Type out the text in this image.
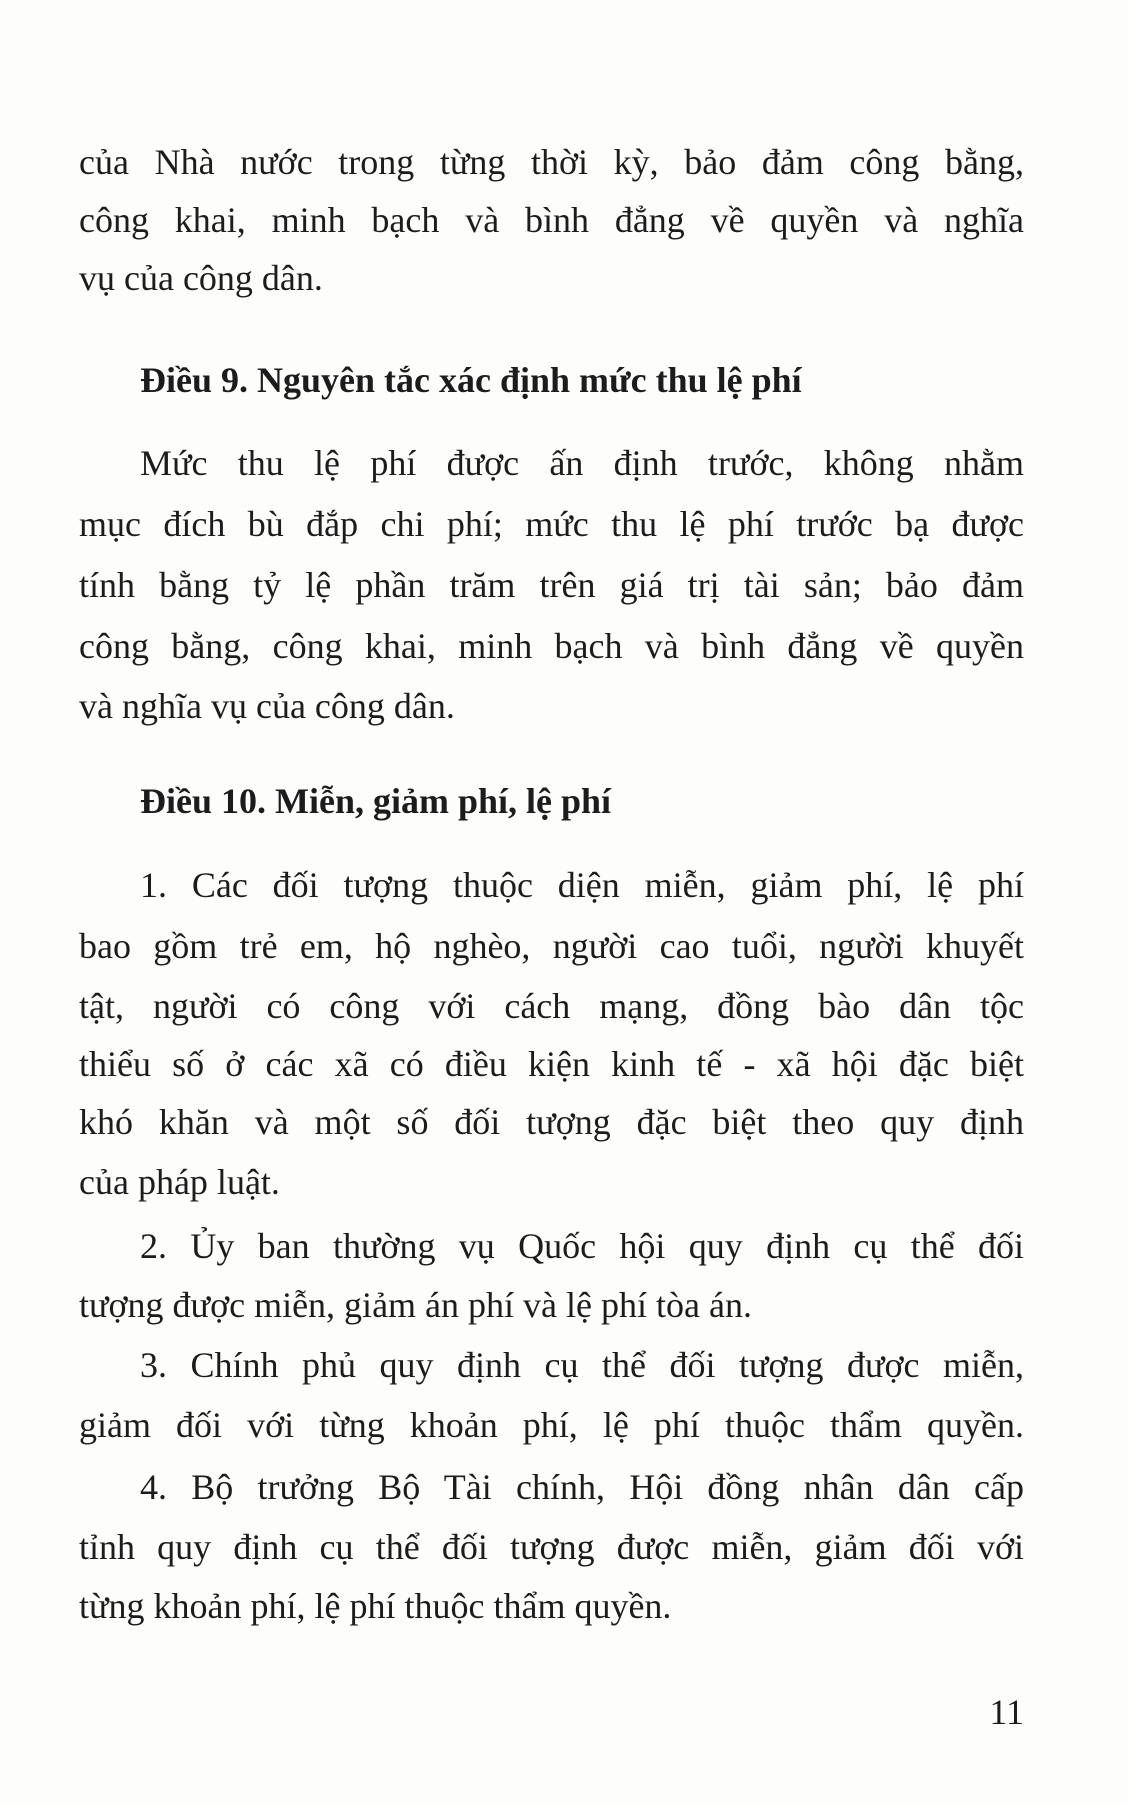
của Nhà nước trong từng thời kỳ, bảo đảm công bằng,
công khai, minh bạch và bình đẳng về quyền và nghĩa
vụ của công dân.
Điều 9. Nguyên tắc xác định mức thu lệ phí
Mức thu lệ phí được ấn định trước, không nhằm
mục đích bù đắp chi phí; mức thu lệ phí trước bạ được
tính bằng tỷ lệ phần trăm trên giá trị tài sản; bảo đảm
công bằng, công khai, minh bạch và bình đẳng về quyền
và nghĩa vụ của công dân.
Điều 10. Miễn, giảm phí, lệ phí
1. Các đối tượng thuộc diện miễn, giảm phí, lệ phí
bao gồm trẻ em, hộ nghèo, người cao tuổi, người khuyết
tật, người có công với cách mạng, đồng bào dân tộc
thiểu số ở các xã có điều kiện kinh tế - xã hội đặc biệt
khó khăn và một số đối tượng đặc biệt theo quy định
của pháp luật.
2. Ủy ban thường vụ Quốc hội quy định cụ thể đối
tượng được miễn, giảm án phí và lệ phí tòa án.
3. Chính phủ quy định cụ thể đối tượng được miễn,
giảm đối với từng khoản phí, lệ phí thuộc thẩm quyền.
4. Bộ trưởng Bộ Tài chính, Hội đồng nhân dân cấp
tỉnh quy định cụ thể đối tượng được miễn, giảm đối với
từng khoản phí, lệ phí thuộc thẩm quyền.
11
